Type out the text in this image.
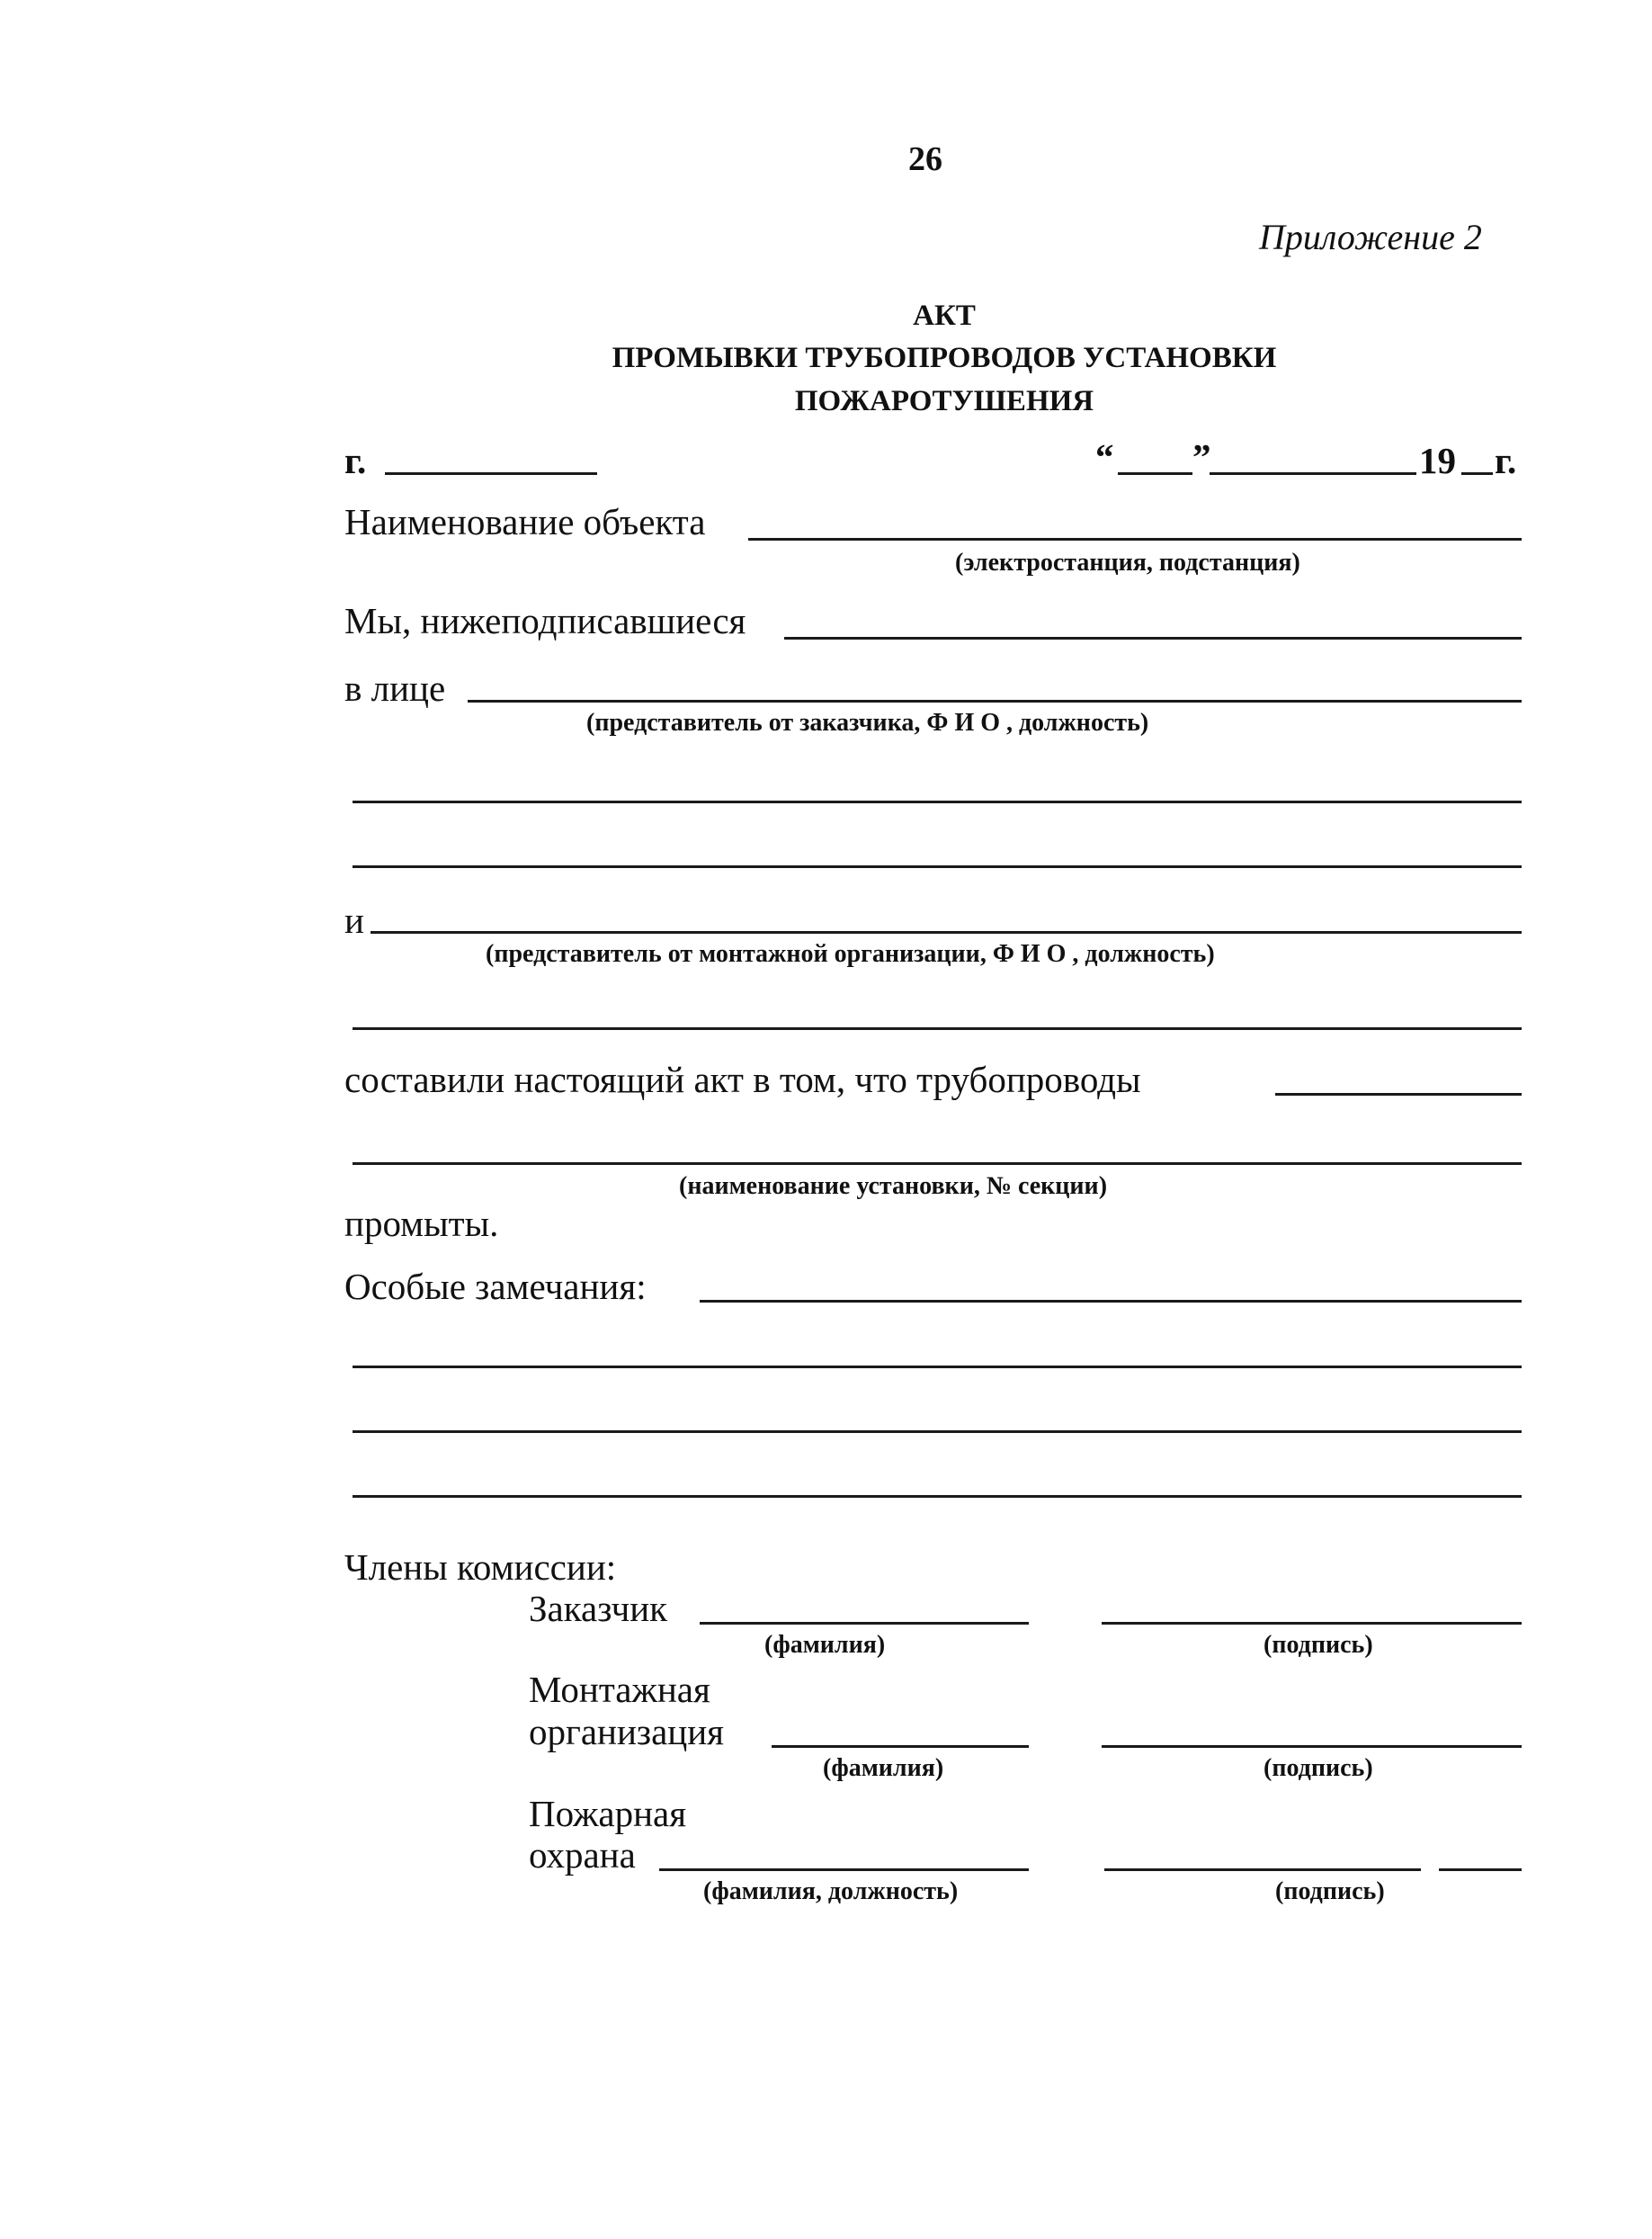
26
Приложение 2
АКТ
ПРОМЫВКИ ТРУБОПРОВОДОВ УСТАНОВКИ
ПОЖАРОТУШЕНИЯ
г.	“ ”	19 г.
Наименование объекта
(электростанция, подстанция)
Мы, нижеподписавшиеся
в лице
(представитель от заказчика, Ф И О , должность)
и
(представитель от монтажной организации, Ф И О , должность)
составили настоящий акт в том, что трубопроводы
(наименование установки, № секции)
промыты.
Особые замечания:
Члены комиссии:
Заказчик
(фамилия)	(подпись)
Монтажная
организация
(фамилия)	(подпись)
Пожарная
охрана
(фамилия, должность)	(подпись)
